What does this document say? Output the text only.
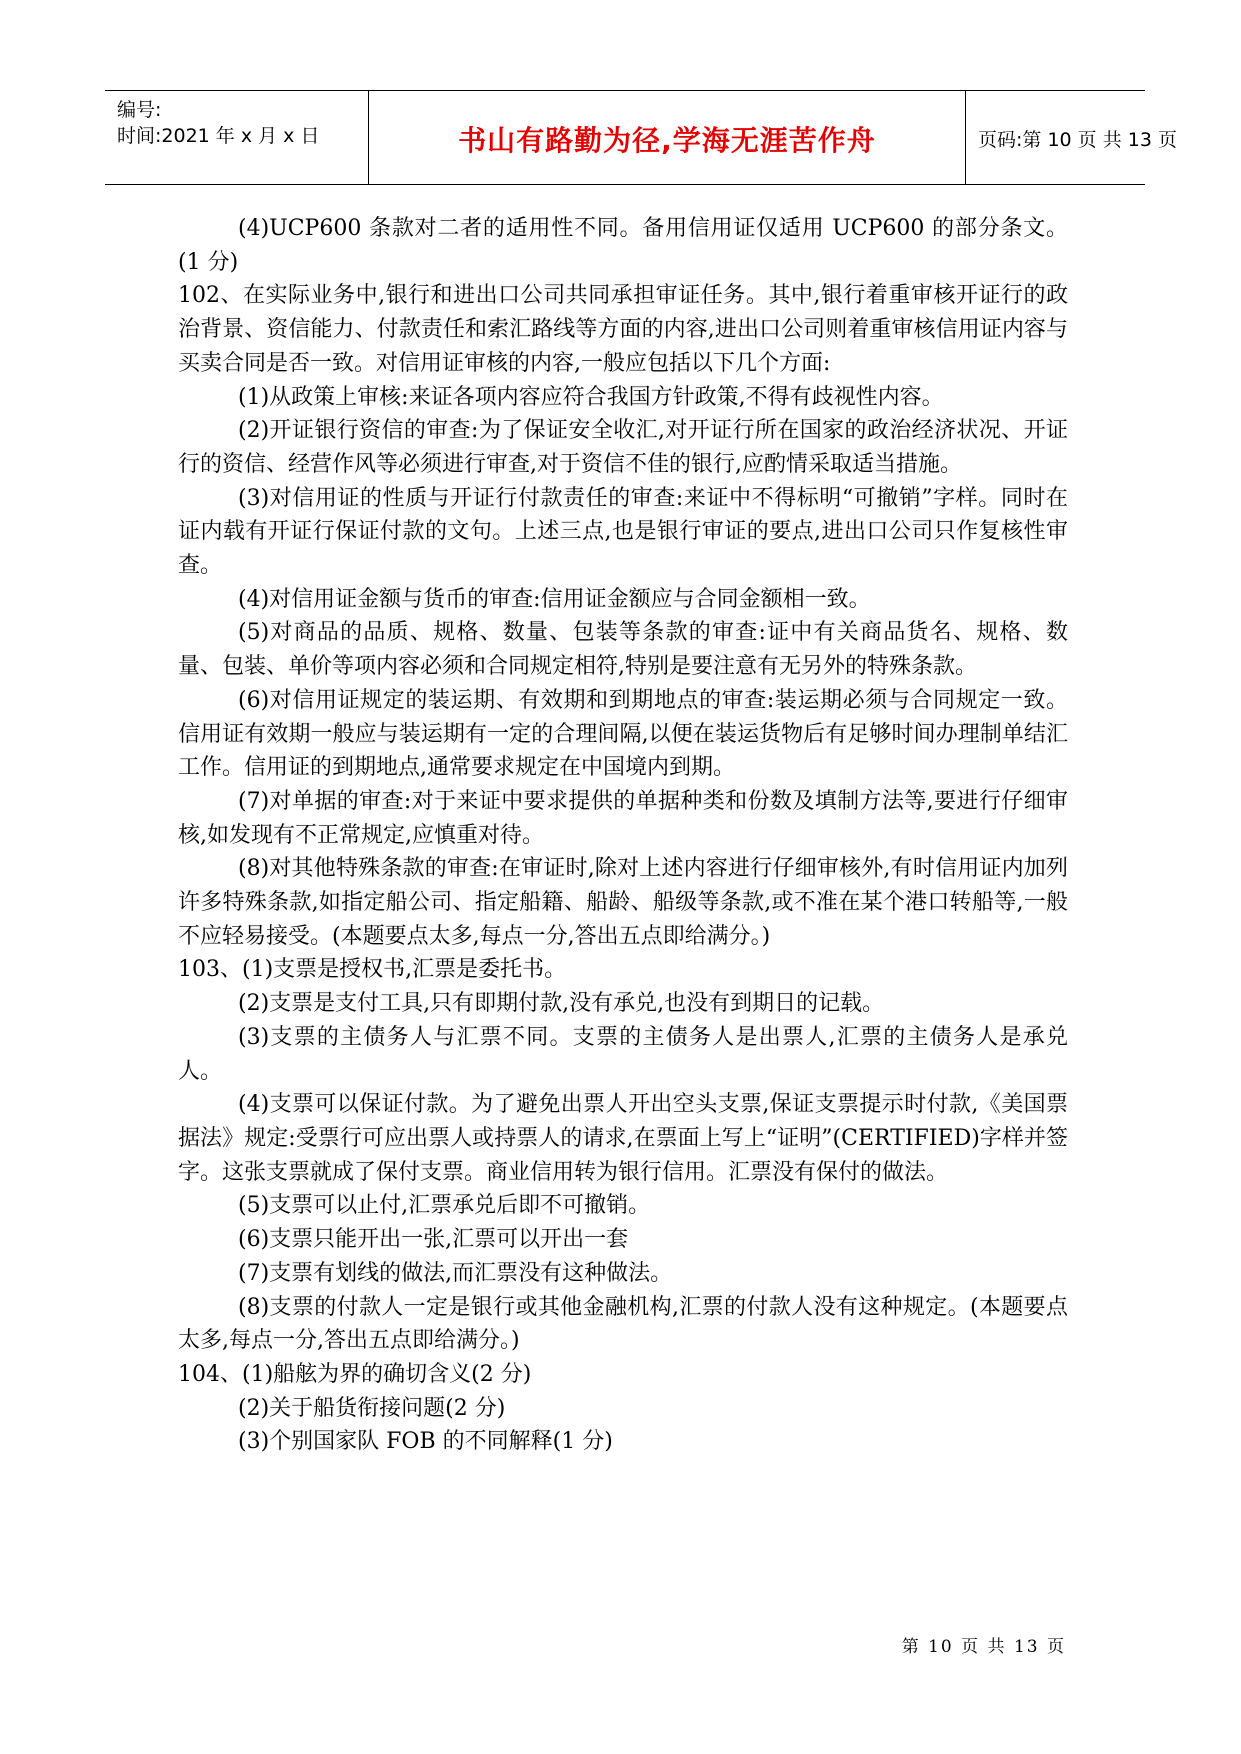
编号:
时间:2021 年 x 月 x 日	书山有路勤为径,学海无涯苦作舟	页码:第 10 页 共 13 页

(4)UCP600 条款对二者的适用性不同。备用信用证仅适用 UCP600 的部分条文。(1 分)

102、在实际业务中,银行和进出口公司共同承担审证任务。其中,银行着重审核开证行的政治背景、资信能力、付款责任和索汇路线等方面的内容,进出口公司则着重审核信用证内容与买卖合同是否一致。对信用证审核的内容,一般应包括以下几个方面:

(1)从政策上审核:来证各项内容应符合我国方针政策,不得有歧视性内容。

(2)开证银行资信的审查:为了保证安全收汇,对开证行所在国家的政治经济状况、开证行的资信、经营作风等必须进行审查,对于资信不佳的银行,应酌情采取适当措施。

(3)对信用证的性质与开证行付款责任的审查:来证中不得标明“可撤销”字样。同时在证内载有开证行保证付款的文句。上述三点,也是银行审证的要点,进出口公司只作复核性审查。

(4)对信用证金额与货币的审查:信用证金额应与合同金额相一致。

(5)对商品的品质、规格、数量、包装等条款的审查:证中有关商品货名、规格、数量、包装、单价等项内容必须和合同规定相符,特别是要注意有无另外的特殊条款。

(6)对信用证规定的装运期、有效期和到期地点的审查:装运期必须与合同规定一致。信用证有效期一般应与装运期有一定的合理间隔,以便在装运货物后有足够时间办理制单结汇工作。信用证的到期地点,通常要求规定在中国境内到期。

(7)对单据的审查:对于来证中要求提供的单据种类和份数及填制方法等,要进行仔细审核,如发现有不正常规定,应慎重对待。

(8)对其他特殊条款的审查:在审证时,除对上述内容进行仔细审核外,有时信用证内加列许多特殊条款,如指定船公司、指定船籍、船龄、船级等条款,或不准在某个港口转船等,一般不应轻易接受。(本题要点太多,每点一分,答出五点即给满分。)

103、(1)支票是授权书,汇票是委托书。

(2)支票是支付工具,只有即期付款,没有承兑,也没有到期日的记载。

(3)支票的主债务人与汇票不同。支票的主债务人是出票人,汇票的主债务人是承兑人。

(4)支票可以保证付款。为了避免出票人开出空头支票,保证支票提示时付款,《美国票据法》规定:受票行可应出票人或持票人的请求,在票面上写上“证明”(CERTIFIED)字样并签字。这张支票就成了保付支票。商业信用转为银行信用。汇票没有保付的做法。

(5)支票可以止付,汇票承兑后即不可撤销。

(6)支票只能开出一张,汇票可以开出一套

(7)支票有划线的做法,而汇票没有这种做法。

(8)支票的付款人一定是银行或其他金融机构,汇票的付款人没有这种规定。(本题要点太多,每点一分,答出五点即给满分。)

104、(1)船舷为界的确切含义(2 分)

(2)关于船货衔接问题(2 分)

(3)个别国家队 FOB 的不同解释(1 分)

第 10 页 共 13 页
